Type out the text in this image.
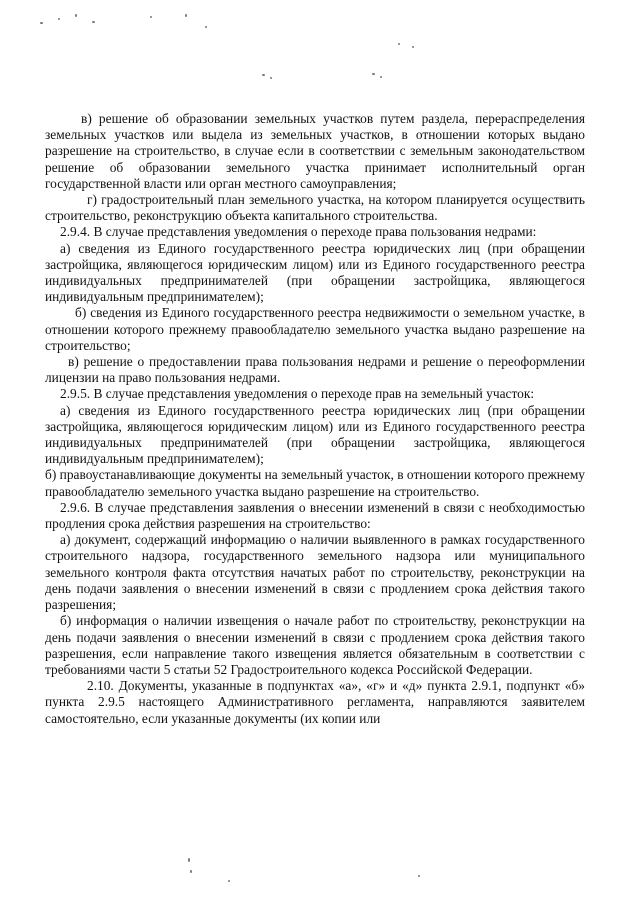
в) решение об образовании земельных участков путем раздела, перераспределения земельных участков или выдела из земельных участков, в отношении которых выдано разрешение на строительство, в случае если в соответствии с земельным законодательством решение об образовании земельного участка принимает исполнительный орган государственной власти или орган местного самоуправления;

г) градостроительный план земельного участка, на котором планируется осуществить строительство, реконструкцию объекта капитального строительства.

2.9.4. В случае представления уведомления о переходе права пользования недрами:

а) сведения из Единого государственного реестра юридических лиц (при обращении застройщика, являющегося юридическим лицом) или из Единого государственного реестра индивидуальных предпринимателей (при обращении застройщика, являющегося индивидуальным предпринимателем);

б) сведения из Единого государственного реестра недвижимости о земельном участке, в отношении которого прежнему правообладателю земельного участка выдано разрешение на строительство;

в) решение о предоставлении права пользования недрами и решение о переоформлении лицензии на право пользования недрами.

2.9.5. В случае представления уведомления о переходе прав на земельный участок:

а) сведения из Единого государственного реестра юридических лиц (при обращении застройщика, являющегося юридическим лицом) или из Единого государственного реестра индивидуальных предпринимателей (при обращении застройщика, являющегося индивидуальным предпринимателем);

б) правоустанавливающие документы на земельный участок, в отношении которого прежнему правообладателю земельного участка выдано разрешение на строительство.

2.9.6. В случае представления заявления о внесении изменений в связи с необходимостью продления срока действия разрешения на строительство:

а) документ, содержащий информацию о наличии выявленного в рамках государственного строительного надзора, государственного земельного надзора или муниципального земельного контроля факта отсутствия начатых работ по строительству, реконструкции на день подачи заявления о внесении изменений в связи с продлением срока действия такого разрешения;

б) информация о наличии извещения о начале работ по строительству, реконструкции на день подачи заявления о внесении изменений в связи с продлением срока действия такого разрешения, если направление такого извещения является обязательным в соответствии с требованиями части 5 статьи 52 Градостроительного кодекса Российской Федерации.

2.10. Документы, указанные в подпунктах «а», «г» и «д» пункта 2.9.1, подпункт «б» пункта 2.9.5 настоящего Административного регламента, направляются заявителем самостоятельно, если указанные документы (их копии или
